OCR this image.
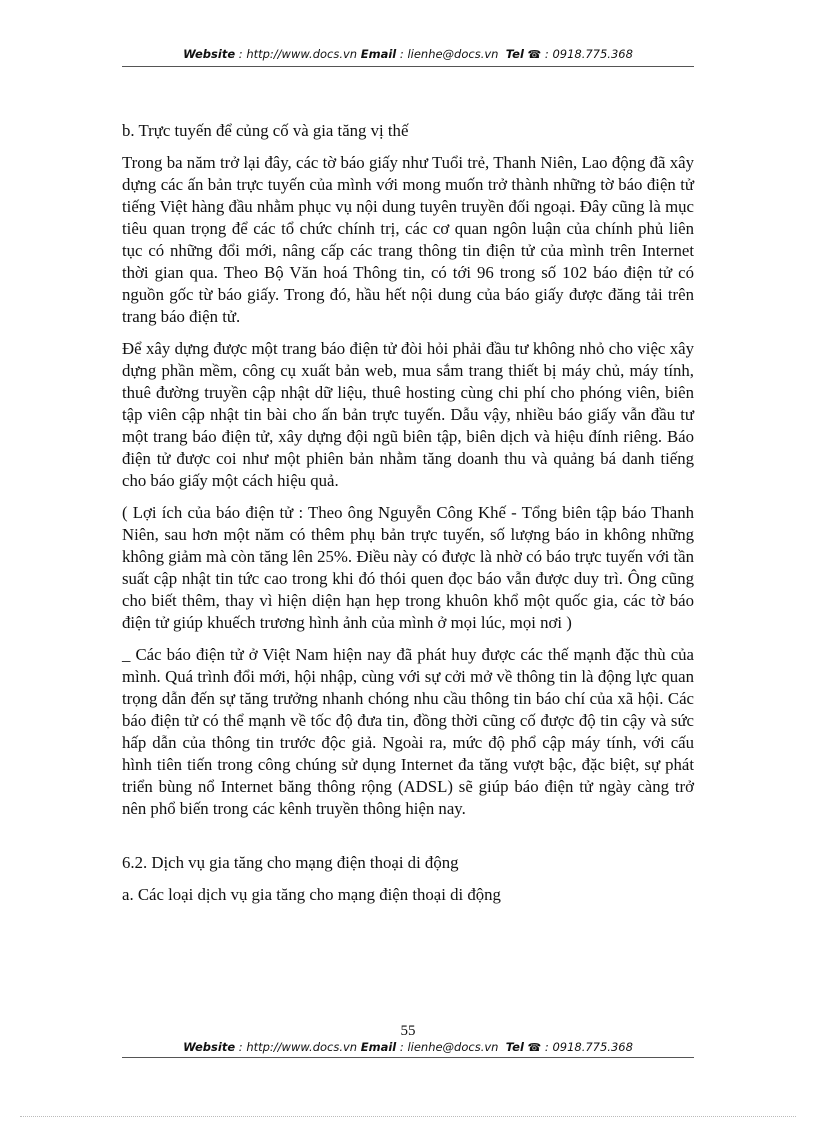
Website : http://www.docs.vn Email : lienhe@docs.vn Tel ☎ : 0918.775.368

b. Trực tuyến để củng cố và gia tăng vị thế

Trong ba năm trở lại đây, các tờ báo giấy như Tuổi trẻ, Thanh Niên, Lao động đã xây dựng các ấn bản trực tuyến của mình với mong muốn trở thành những tờ báo điện tử tiếng Việt hàng đầu nhằm phục vụ nội dung tuyên truyền đối ngoại. Đây cũng là mục tiêu quan trọng để các tổ chức chính trị, các cơ quan ngôn luận của chính phủ liên tục có những đổi mới, nâng cấp các trang thông tin điện tử của mình trên Internet thời gian qua. Theo Bộ Văn hoá Thông tin, có tới 96 trong số 102 báo điện tử có nguồn gốc từ báo giấy. Trong đó, hầu hết nội dung của báo giấy được đăng tải trên trang báo điện tử.

Để xây dựng được một trang báo điện tử đòi hỏi phải đầu tư không nhỏ cho việc xây dựng phần mềm, công cụ xuất bản web, mua sắm trang thiết bị máy chủ, máy tính, thuê đường truyền cập nhật dữ liệu, thuê hosting cùng chi phí cho phóng viên, biên tập viên cập nhật tin bài cho ấn bản trực tuyến. Dẫu vậy, nhiều báo giấy vẫn đầu tư một trang báo điện tử, xây dựng đội ngũ biên tập, biên dịch và hiệu đính riêng. Báo điện tử được coi như một phiên bản nhằm tăng doanh thu và quảng bá danh tiếng cho báo giấy một cách hiệu quả.

( Lợi ích của báo điện tử : Theo ông Nguyễn Công Khế - Tổng biên tập báo Thanh Niên, sau hơn một năm có thêm phụ bản trực tuyến, số lượng báo in không những không giảm mà còn tăng lên 25%. Điều này có được là nhờ có báo trực tuyến với tần suất cập nhật tin tức cao trong khi đó thói quen đọc báo vẫn được duy trì. Ông cũng cho biết thêm, thay vì hiện diện hạn hẹp trong khuôn khổ một quốc gia, các tờ báo điện tử giúp khuếch trương hình ảnh của mình ở mọi lúc, mọi nơi )

_ Các báo điện tử ở Việt Nam hiện nay đã phát huy được các thế mạnh đặc thù của mình. Quá trình đổi mới, hội nhập, cùng với sự cởi mở về thông tin là động lực quan trọng dẫn đến sự tăng trưởng nhanh chóng nhu cầu thông tin báo chí của xã hội. Các báo điện tử có thể mạnh về tốc độ đưa tin, đồng thời cũng cố được độ tin cậy và sức hấp dẫn của thông tin trước độc giả. Ngoài ra, mức độ phổ cập máy tính, với cấu hình tiên tiến trong công chúng sử dụng Internet đa tăng vượt bậc, đặc biệt, sự phát triển bùng nổ Internet băng thông rộng (ADSL) sẽ giúp báo điện tử ngày càng trở nên phổ biến trong các kênh truyền thông hiện nay.

6.2. Dịch vụ gia tăng cho mạng điện thoại di động

a. Các loại dịch vụ gia tăng cho mạng điện thoại di động

55
Website : http://www.docs.vn Email : lienhe@docs.vn Tel ☎ : 0918.775.368
